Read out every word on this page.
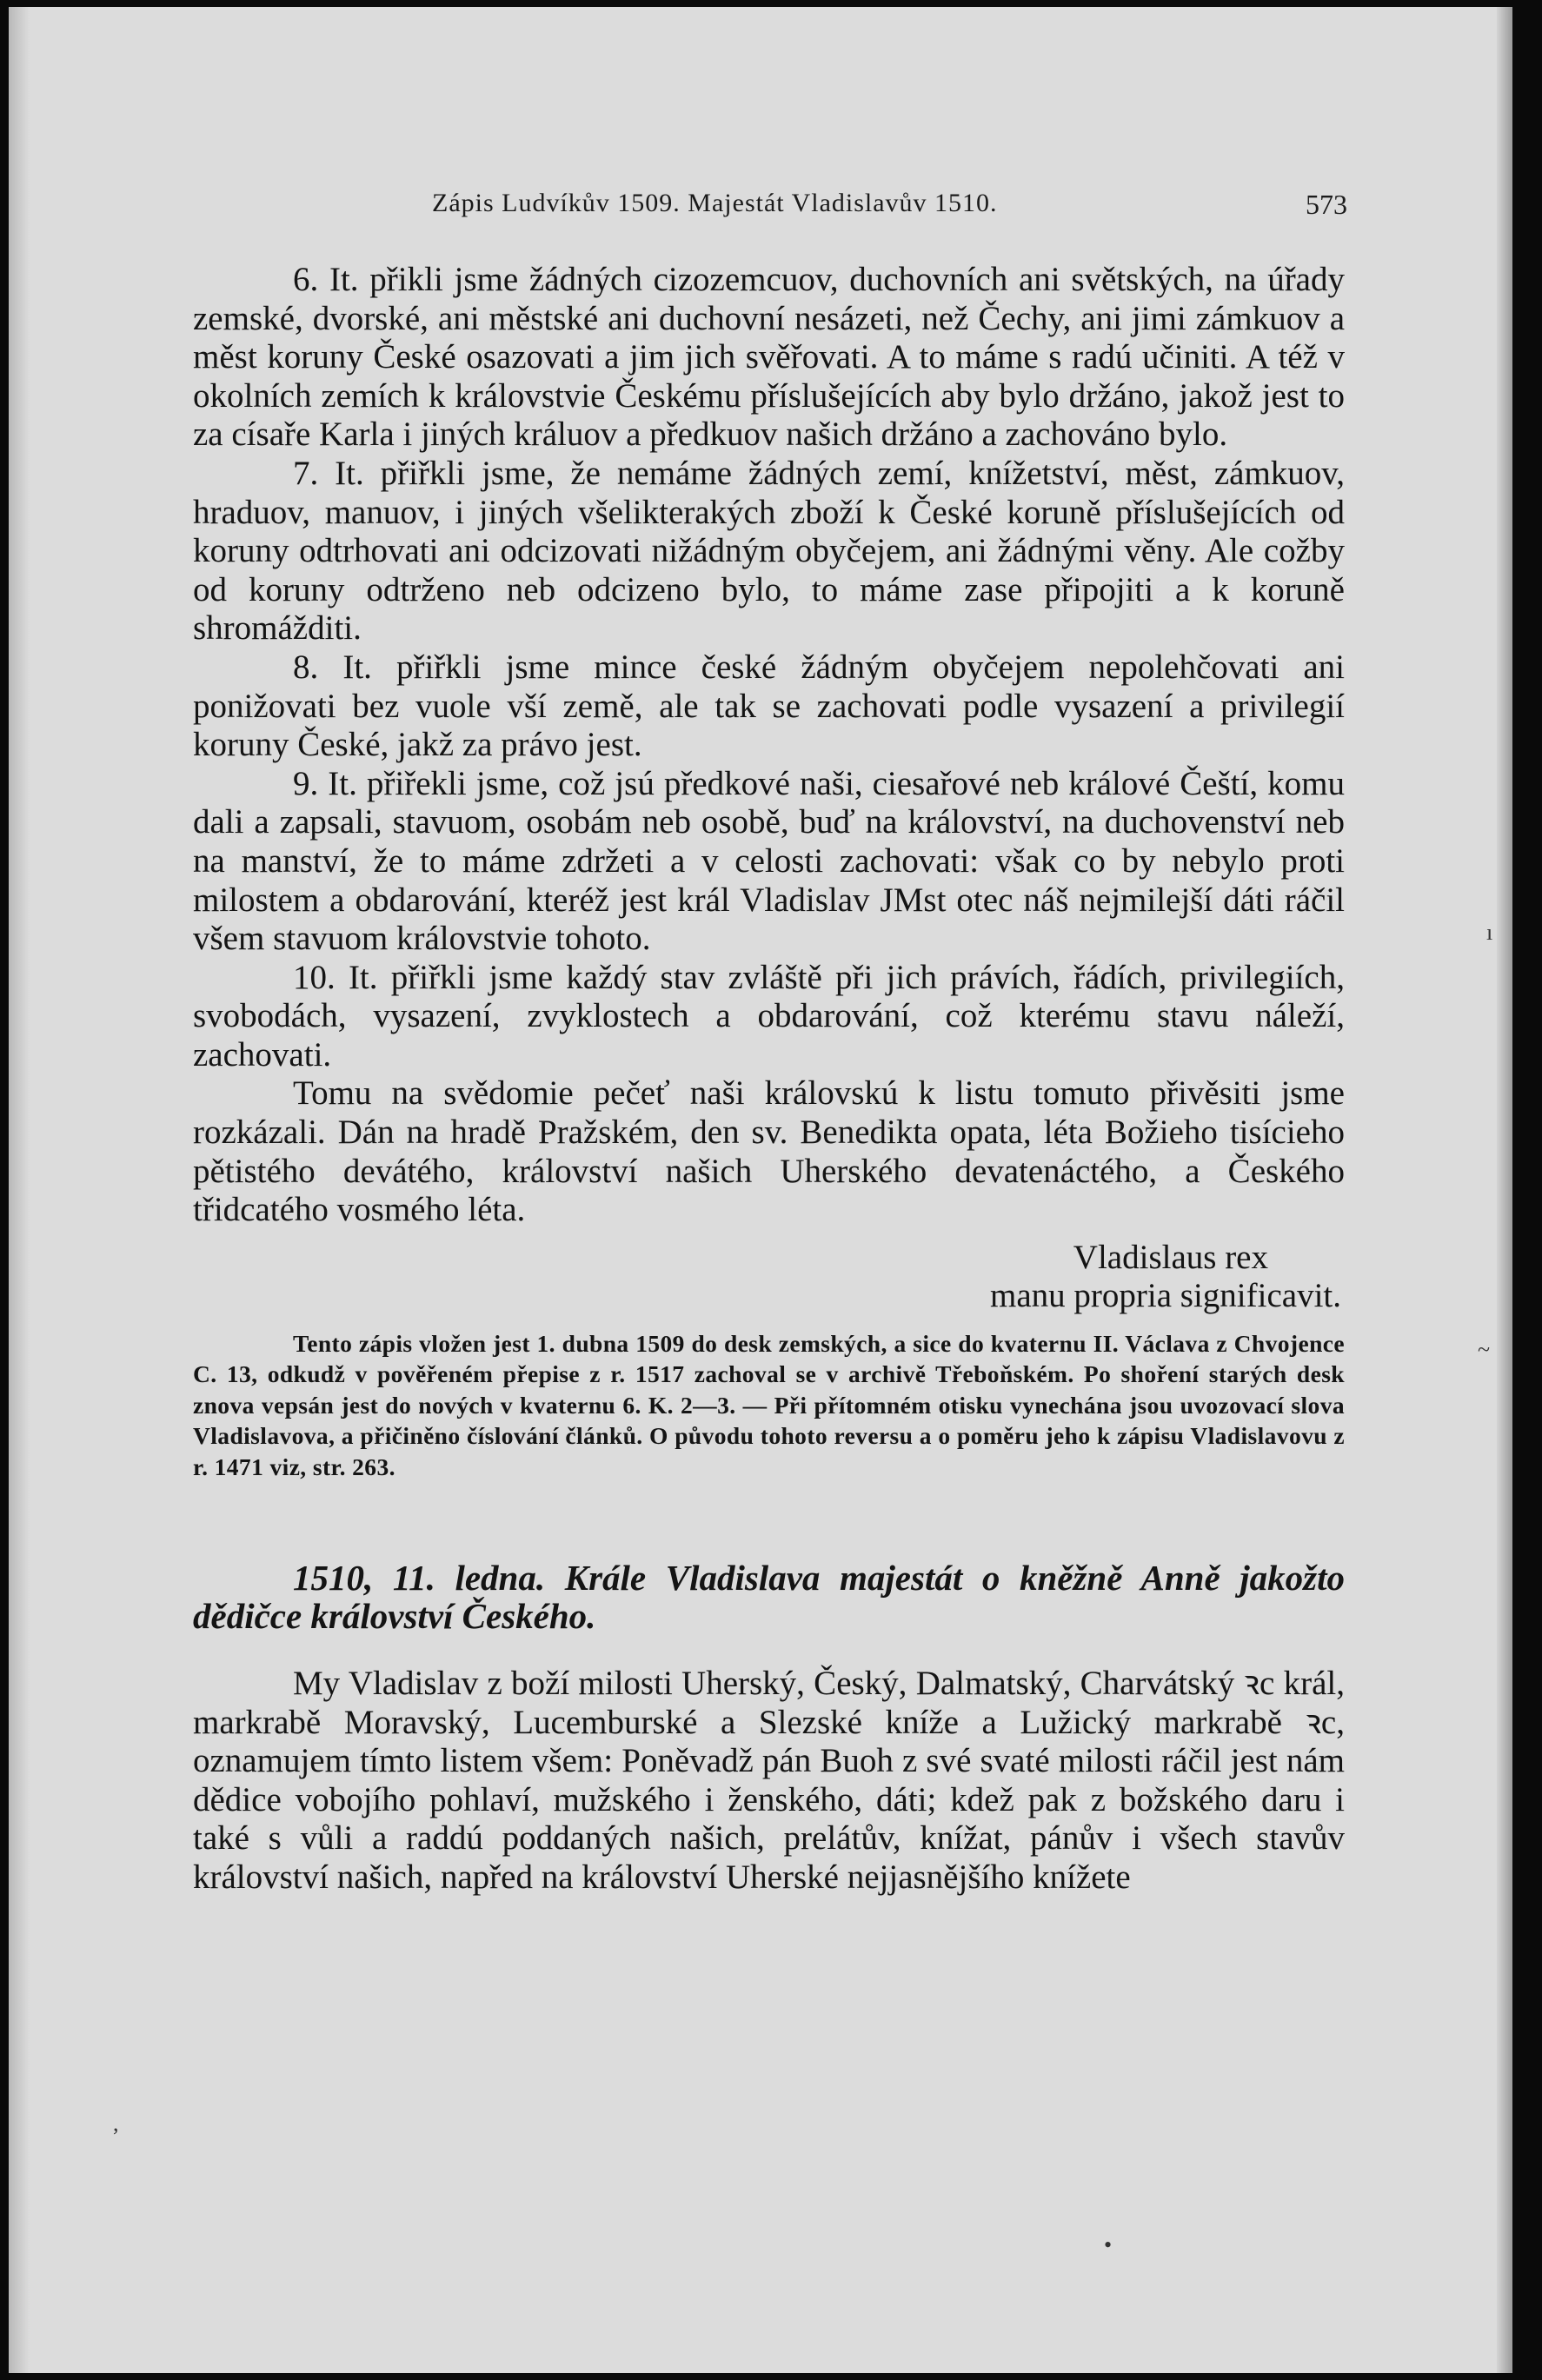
Zápis Ludvíkův 1509. Majestát Vladislavův 1510.	573

6. It. přikli jsme žádných cizozemcuov, duchovních ani světských, na úřady zemské, dvorské, ani městské ani duchovní nesázeti, než Čechy, ani jimi zámkuov a měst koruny České osazovati a jim jich svěřovati. A to máme s radú učiniti. A též v okolních zemích k královstvie Českému příslušejících aby bylo držáno, jakož jest to za císaře Karla i jiných králuov a předkuov našich držáno a zachováno bylo.

7. It. přiřkli jsme, že nemáme žádných zemí, knížetství, měst, zámkuov, hraduov, manuov, i jiných všelikterakých zboží k České koruně příslušejících od koruny odtrhovati ani odcizovati nižádným obyčejem, ani žádnými věny. Ale cožby od koruny odtrženo neb odcizeno bylo, to máme zase připojiti a k koruně shromážditi.

8. It. přiřkli jsme mince české žádným obyčejem nepolehčovati ani ponižovati bez vuole vší země, ale tak se zachovati podle vysazení a privilegií koruny České, jakž za právo jest.

9. It. přiřekli jsme, což jsú předkové naši, ciesařové neb králové Čeští, komu dali a zapsali, stavuom, osobám neb osobě, buď na království, na duchovenství neb na manství, že to máme zdržeti a v celosti zachovati: však co by nebylo proti milostem a obdarování, kteréž jest král Vladislav JMst otec náš nejmilejší dáti ráčil všem stavuom královstvie tohoto.

10. It. přiřkli jsme každý stav zvláště při jich právích, řádích, privilegiích, svobodách, vysazení, zvyklostech a obdarování, což kterému stavu náleží, zachovati.

Tomu na svědomie pečeť naši královskú k listu tomuto přivěsiti jsme rozkázali. Dán na hradě Pražském, den sv. Benedikta opata, léta Božieho tisícieho pětistého devátého, království našich Uherského devatenáctého, a Českého třidcatého vosmého léta.

Vladislaus rex

manu propria significavit.

Tento zápis vložen jest 1. dubna 1509 do desk zemských, a sice do kvaternu II. Václava z Chvojence C. 13, odkudž v pověřeném přepise z r. 1517 zachoval se v archivě Třeboňském. Po shoření starých desk znova vepsán jest do nových v kvaternu 6. K. 2—3. — Při přítomném otisku vynechána jsou uvozovací slova Vladislavova, a přičiněno číslování článků. O původu tohoto reversu a o poměru jeho k zápisu Vladislavovu z r. 1471 viz, str. 263.

1510, 11. ledna. Krále Vladislava majestát o kněžně Anně jakožto dědičce království Českého.

My Vladislav z boží milosti Uherský, Český, Dalmatský, Charvátský ꝛc král, markrabě Moravský, Lucemburské a Slezské kníže a Lužický markrabě ꝛc, oznamujem tímto listem všem: Poněvadž pán Buoh z své svaté milosti ráčil jest nám dědice vobojího pohlaví, mužského i ženského, dáti; kdež pak z božského daru i také s vůli a raddú poddaných našich, prelátův, knížat, pánův i všech stavův království našich, napřed na království Uherské nejjasnějšího knížete

ı
~
,
•
